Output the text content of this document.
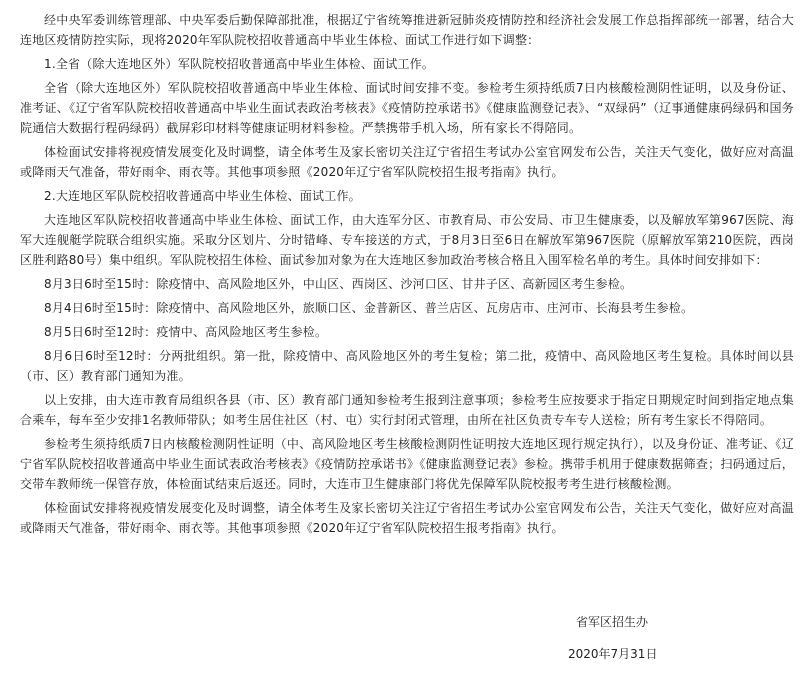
经中央军委训练管理部、中央军委后勤保障部批准，根据辽宁省统筹推进新冠肺炎疫情防控和经济社会发展工作总指挥部统一部署，结合大连地区疫情防控实际，现将2020年军队院校招收普通高中毕业生体检、面试工作进行如下调整：

1.全省（除大连地区外）军队院校招收普通高中毕业生体检、面试工作。

全省（除大连地区外）军队院校招收普通高中毕业生体检、面试时间安排不变。参检考生须持纸质7日内核酸检测阴性证明，以及身份证、准考证、《辽宁省军队院校招收普通高中毕业生面试表政治考核表》《疫情防控承诺书》《健康监测登记表》、“双绿码”（辽事通健康码绿码和国务院通信大数据行程码绿码）截屏彩印材料等健康证明材料参检。严禁携带手机入场，所有家长不得陪同。

体检面试安排将视疫情发展变化及时调整，请全体考生及家长密切关注辽宁省招生考试办公室官网发布公告，关注天气变化，做好应对高温或降雨天气准备，带好雨伞、雨衣等。其他事项参照《2020年辽宁省军队院校招生报考指南》执行。

2.大连地区军队院校招收普通高中毕业生体检、面试工作。

大连地区军队院校招收普通高中毕业生体检、面试工作，由大连军分区、市教育局、市公安局、市卫生健康委，以及解放军第967医院、海军大连舰艇学院联合组织实施。采取分区划片、分时错峰、专车接送的方式，于8月3日至6日在解放军第967医院（原解放军第210医院，西岗区胜利路80号）集中组织。军队院校招生体检、面试参加对象为在大连地区参加政治考核合格且入围军检名单的考生。具体时间安排如下：

8月3日6时至15时：除疫情中、高风险地区外，中山区、西岗区、沙河口区、甘井子区、高新园区考生参检。

8月4日6时至15时：除疫情中、高风险地区外，旅顺口区、金普新区、普兰店区、瓦房店市、庄河市、长海县考生参检。

8月5日6时至12时：疫情中、高风险地区考生参检。

8月6日6时至12时：分两批组织。第一批，除疫情中、高风险地区外的考生复检；第二批，疫情中、高风险地区考生复检。具体时间以县（市、区）教育部门通知为准。

以上安排，由大连市教育局组织各县（市、区）教育部门通知参检考生报到注意事项；参检考生应按要求于指定日期规定时间到指定地点集合乘车，每车至少安排1名教师带队；如考生居住社区（村、屯）实行封闭式管理，由所在社区负责专车专人送检；所有考生家长不得陪同。

参检考生须持纸质7日内核酸检测阴性证明（中、高风险地区考生核酸检测阴性证明按大连地区现行规定执行），以及身份证、准考证、《辽宁省军队院校招收普通高中毕业生面试表政治考核表》《疫情防控承诺书》《健康监测登记表》参检。携带手机用于健康数据筛查；扫码通过后，交带车教师统一保管存放，体检面试结束后返还。同时，大连市卫生健康部门将优先保障军队院校报考考生进行核酸检测。

体检面试安排将视疫情发展变化及时调整，请全体考生及家长密切关注辽宁省招生考试办公室官网发布公告，关注天气变化，做好应对高温或降雨天气准备，带好雨伞、雨衣等。其他事项参照《2020年辽宁省军队院校招生报考指南》执行。

省军区招生办
2020年7月31日
